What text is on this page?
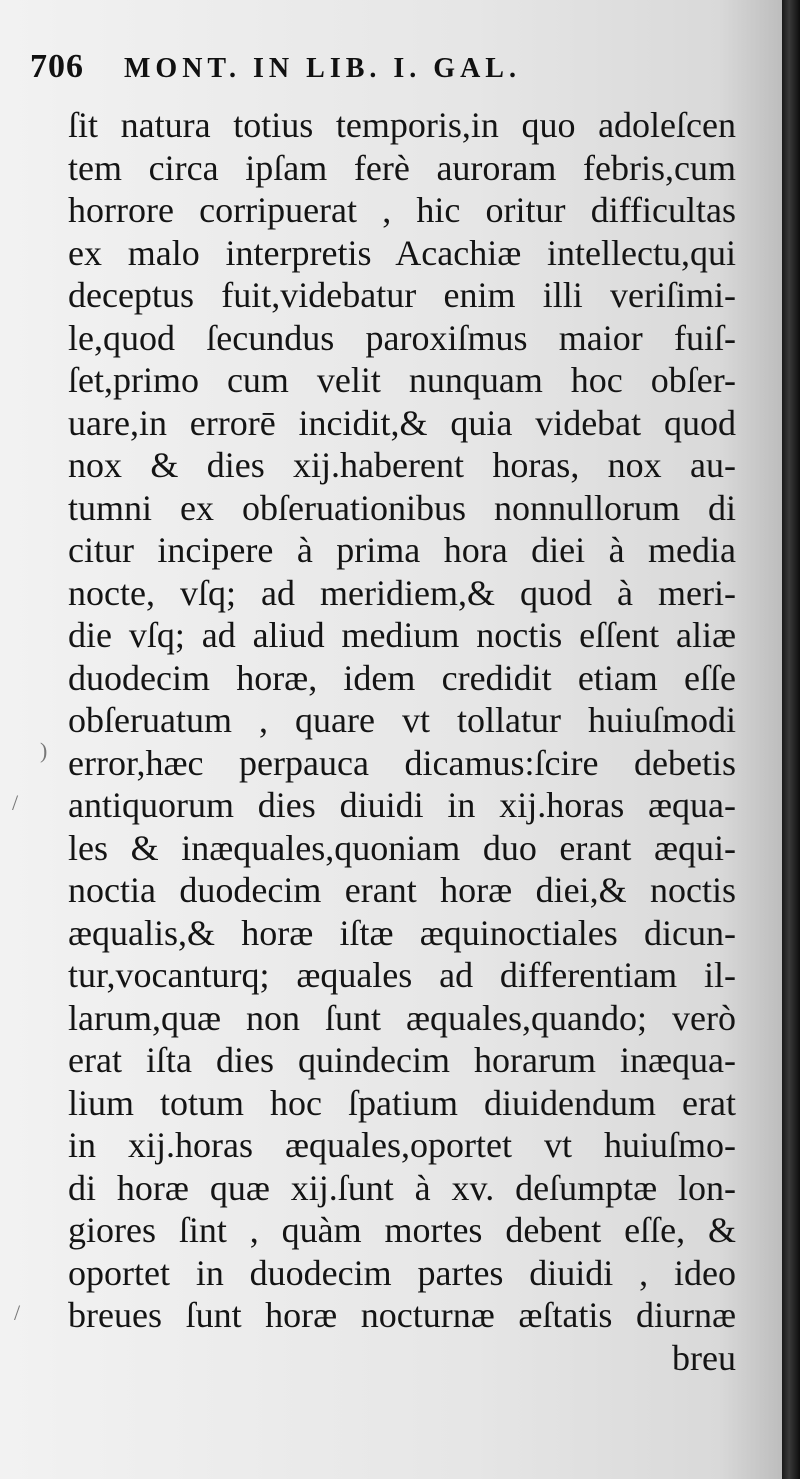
706 MONT. IN LIB. I. GAL.
ſit natura totius temporis,in quo adoleſcen
tem circa ipſam ferè auroram febris,cum
horrore corripuerat , hic oritur difficultas
ex malo interpretis Acachiæ intellectu,qui
deceptus fuit,videbatur enim illi veriſimi-
le,quod ſecundus paroxiſmus maior fuiſ-
ſet,primo cum velit nunquam hoc obſer-
uare,in errorē incidit,& quia videbat quod
nox & dies xij.haberent horas, nox au-
tumni ex obſeruationibus nonnullorum di
citur incipere à prima hora diei à media
nocte, vſq; ad meridiem,& quod à meri-
die vſq; ad aliud medium noctis eſſent aliæ
duodecim horæ, idem credidit etiam eſſe
obſeruatum , quare vt tollatur huiuſmodi
error,hæc perpauca dicamus:ſcire debetis
antiquorum dies diuidi in xij.horas æqua-
les & inæquales,quoniam duo erant æqui-
noctia duodecim erant horæ diei,& noctis
æqualis,& horæ iſtæ æquinoctiales dicun-
tur,vocanturq; æquales ad differentiam il-
larum,quæ non ſunt æquales,quando; verò
erat iſta dies quindecim horarum inæqua-
lium totum hoc ſpatium diuidendum erat
in xij.horas æquales,oportet vt huiuſmo-
di horæ quæ xij.ſunt à xv. deſumptæ lon-
giores ſint , quàm mortes debent eſſe, &
oportet in duodecim partes diuidi , ideo
breues ſunt horæ nocturnæ æſtatis diurnæ
breu
)
/
/
